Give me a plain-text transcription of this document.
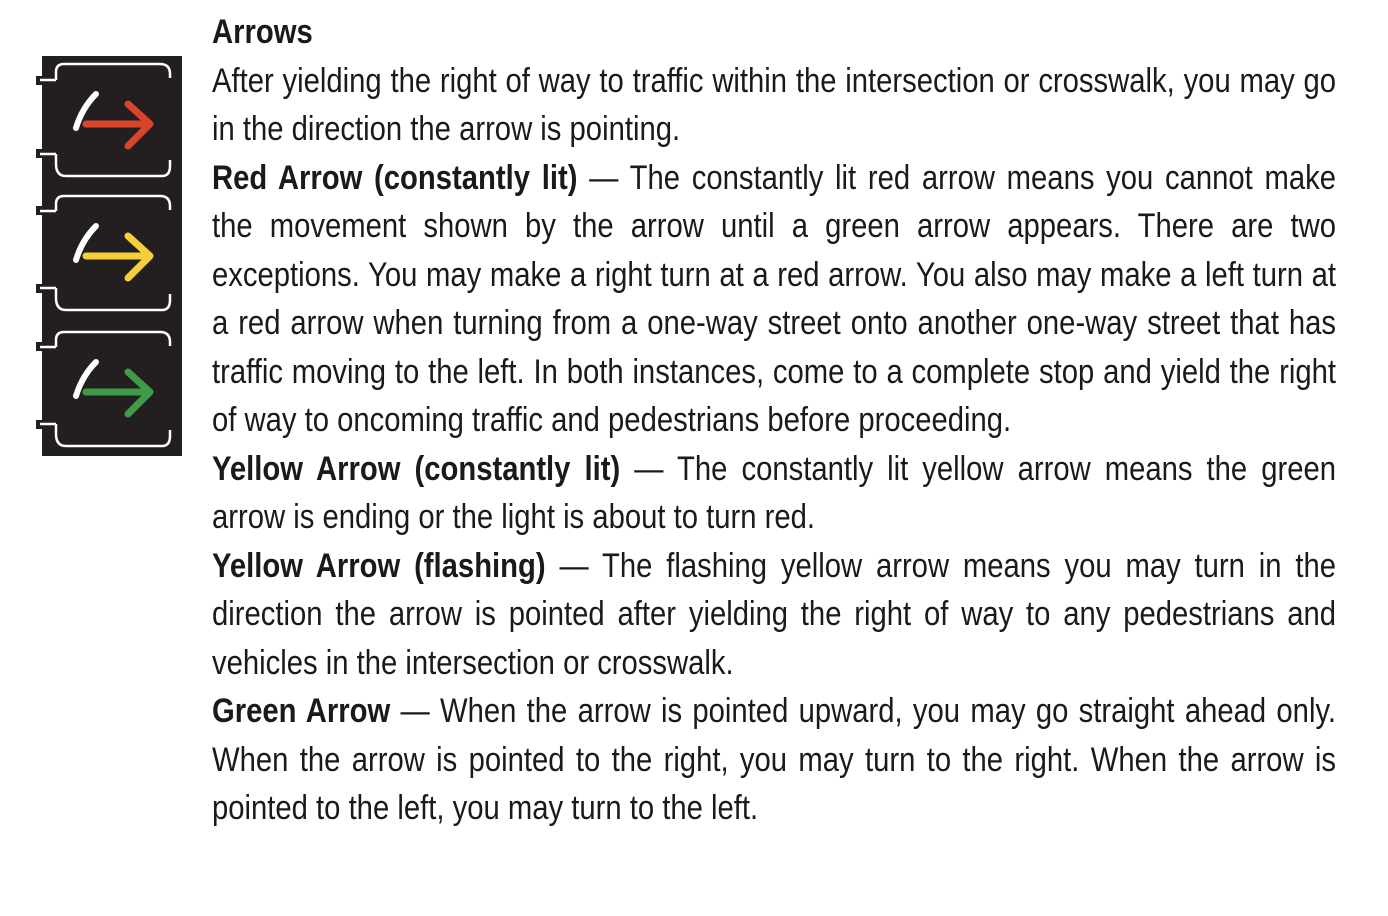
Arrows

After yielding the right of way to traffic within the intersection or crosswalk, you may go in the direction the arrow is pointing.

Red Arrow (constantly lit) — The constantly lit red arrow means you cannot make the movement shown by the arrow until a green arrow appears. There are two exceptions. You may make a right turn at a red arrow. You also may make a left turn at a red arrow when turning from a one-way street onto another one-way street that has traffic moving to the left. In both instances, come to a complete stop and yield the right of way to oncoming traffic and pedestrians before proceeding.

Yellow Arrow (constantly lit) — The constantly lit yellow arrow means the green arrow is ending or the light is about to turn red.

Yellow Arrow (flashing) — The flashing yellow arrow means you may turn in the direction the arrow is pointed after yielding the right of way to any pedestrians and vehicles in the intersection or crosswalk.

Green Arrow — When the arrow is pointed upward, you may go straight ahead only. When the arrow is pointed to the right, you may turn to the right. When the arrow is pointed to the left, you may turn to the left.
